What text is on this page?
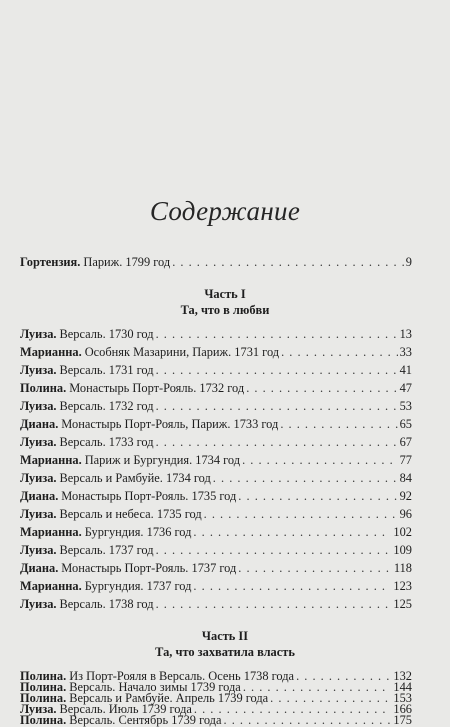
Содержание
Гортензия. Париж. 1799 год . . .	9
Часть I
Та, что в любви
Луиза. Версаль. 1730 год . . .	13
Марианна. Особняк Мазарини, Париж. 1731 год . . .	33
Луиза. Версаль. 1731 год . . .	41
Полина. Монастырь Порт-Рояль. 1732 год . . .	47
Луиза. Версаль. 1732 год . . .	53
Диана. Монастырь Порт-Рояль, Париж. 1733 год . . .	65
Луиза. Версаль. 1733 год . . .	67
Марианна. Париж и Бургундия. 1734 год . . .	77
Луиза. Версаль и Рамбуйе. 1734 год . . .	84
Диана. Монастырь Порт-Рояль. 1735 год . . .	92
Луиза. Версаль и небеса. 1735 год . . .	96
Марианна. Бургундия. 1736 год . . .	102
Луиза. Версаль. 1737 год . . .	109
Диана. Монастырь Порт-Рояль. 1737 год . . .	118
Марианна. Бургундия. 1737 год . . .	123
Луиза. Версаль. 1738 год . . .	125
Часть II
Та, что захватила власть
Полина. Из Порт-Рояля в Версаль. Осень 1738 года . . .	132
Полина. Версаль. Начало зимы 1739 года . . .	144
Полина. Версаль и Рамбуйе. Апрель 1739 года . . .	153
Луиза. Версаль. Июль 1739 года . . .	166
Полина. Версаль. Сентябрь 1739 года . . .	175
